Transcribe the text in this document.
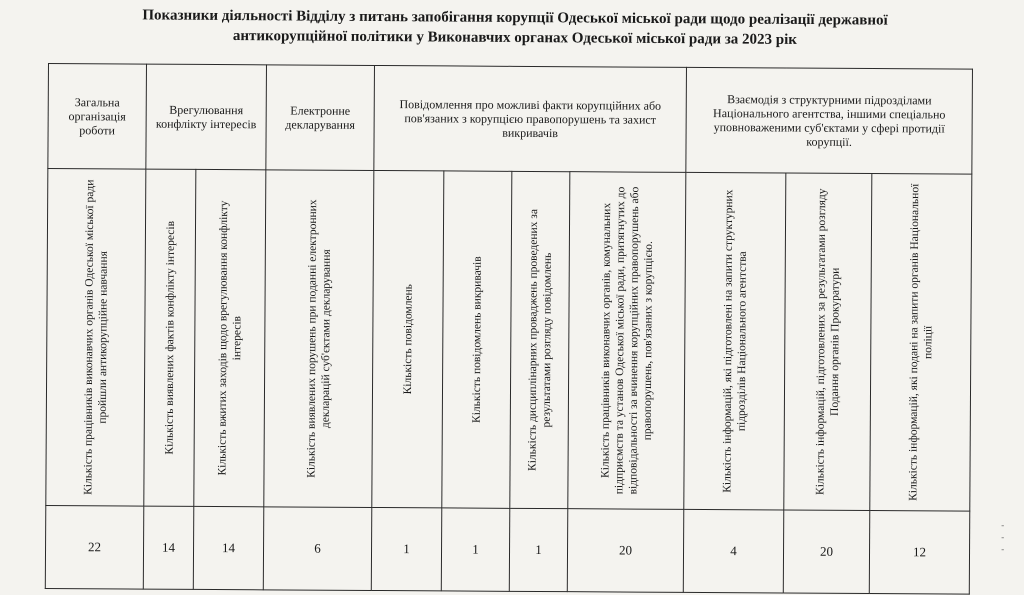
Показники діяльності Відділу з питань запобігання корупції Одеської міської ради щодо реалізації державної
антикорупційної політики у Виконавчих органах Одеської міської ради за 2023 рік
Загальна організація роботи	Врегулювання конфлікту інтересів		Електронне декларування	Повідомлення про можливі факти корупційних або пов'язаних з корупцією правопорушень та захист викривачів				Взаємодія з структурними підрозділами Національного агентства, іншими спеціально уповноваженими суб'єктами у сфері протидії корупції.		

Кількість працівників виконавчих органів Одеської міської ради пройшли антикорупційне навчання	Кількість виявлених фактів конфлікту інтересів	Кількість вжитих заходів щодо врегулювання конфлікту інтересів	Кількість виявлених порушень при поданні електронних декларацій суб'єктами декларування	Кількість повідомлень	Кількість повідомлень викривачів	Кількість дисциплінарних проваджень проведених за результатами розгляду повідомлень	Кількість працівників виконавчих органів, комунальних підприємств та установ Одеської міської ради, притягнутих до відповідальності за вчинення корупційних правопорушень або правопорушень, пов'язаних з корупцією.	Кількість інформацій, які підготовлені на запити структурних підрозділів Національного агентства	Кількість інформацій, підготовлених за результатами розгляду Подання органів Прокуратури	Кількість інформацій, які подані на запити органів Національної поліції

22	14	14	6	1	1	1	20	4	20	12
- - -
